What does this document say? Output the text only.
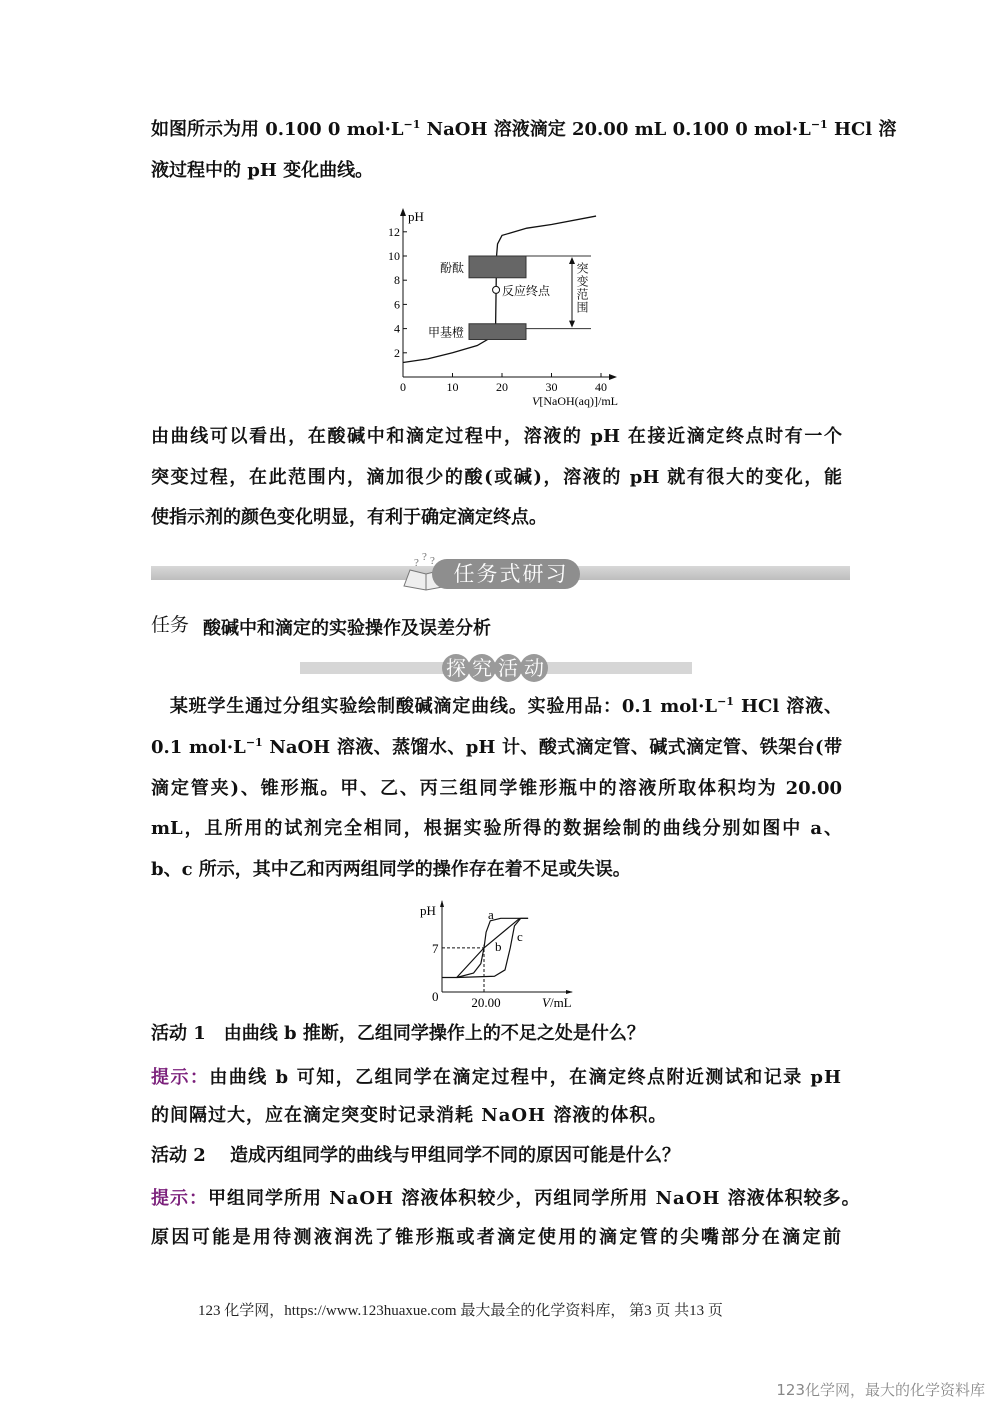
如图所示为用 0.100 0 $mol\cdot L^{-1}$ NaOH 溶液滴定 20.00 mL 0.100 0 $mol\cdot L^{-1}$ HCl 溶
液过程中的 pH 变化曲线。
由曲线可以看出，在酸碱中和滴定过程中，溶液的 pH 在接近滴定终点时有一个
突变过程，在此范围内，滴加很少的酸(或碱)，溶液的 pH 就有很大的变化，能
使指示剂的颜色变化明显，有利于确定滴定终点。
　某班学生通过分组实验绘制酸碱滴定曲线。实验用品：0.1 $mol\cdot L^{-1}$ HCl 溶液、
0.1 $mol\cdot L^{-1}$ NaOH 溶液、蒸馏水、pH 计、酸式滴定管、碱式滴定管、铁架台(带
滴定管夹)、锥形瓶。甲、乙、丙三组同学锥形瓶中的溶液所取体积均为 20.00
mL，且所用的试剂完全相同，根据实验所得的数据绘制的曲线分别如图中 a、
b、c 所示，其中乙和丙两组同学的操作存在着不足或失误。
活动 1　由曲线 b 推断，乙组同学操作上的不足之处是什么？
提示：由曲线 b 可知，乙组同学在滴定过程中，在滴定终点附近测试和记录 pH
的间隔过大，应在滴定突变时记录消耗 NaOH 溶液的体积。
活动 2　 造成丙组同学的曲线与甲组同学不同的原因可能是什么？
提示：甲组同学所用 NaOH 溶液体积较少，丙组同学所用 NaOH 溶液体积较多。
原因可能是用待测液润洗了锥形瓶或者滴定使用的滴定管的尖嘴部分在滴定前
pH
2
4
6
8
10
12
0	10	20	30	40
V[NaOH(aq)]/mL
酚酞
甲基橙
反应终点 突变范围
? ? ?
任务式研习
任务 酸碱中和滴定的实验操作及误差分析
探 究 活 动
pH
0
7
20.00	V/mL
a
b
c
123 化学网，https://www.123huaxue.com 最大最全的化学资料库， 第3 页 共13 页
123化学网，最大的化学资料库
